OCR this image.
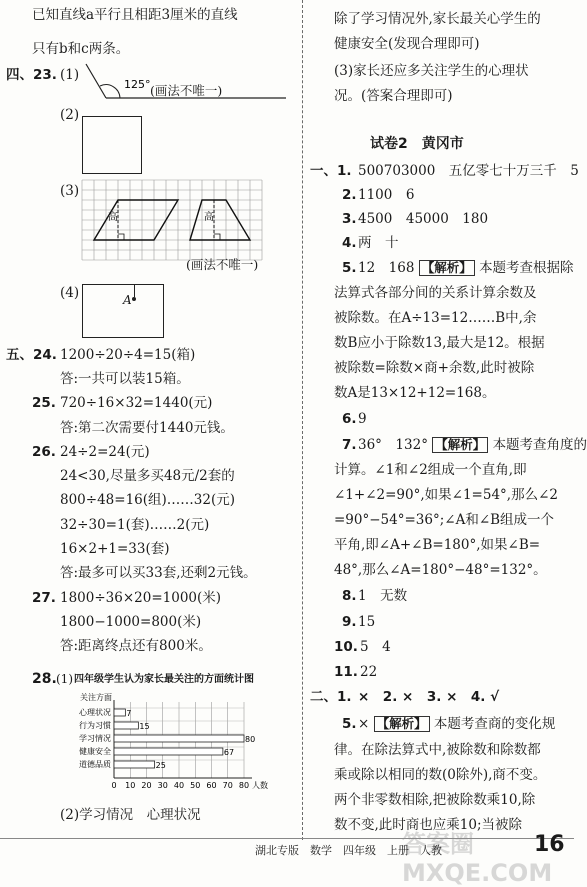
已知直线a平行且相距3厘米的直线
只有b和c两条。
四、23. (1)
125° (画法不唯一)
(2)
(3)
高	高
(画法不唯一)
(4)	A
五、24. 1200÷20÷4=15(箱)
答:一共可以装15箱。
25. 720÷16×32=1440(元)
答:第二次需要付1440元钱。
26. 24÷2=24(元)
24<30,尽量多买48元/2套的
800÷48=16(组)……32(元)
32÷30=1(套)……2(元)
16×2+1=33(套)
答:最多可以买33套,还剩2元钱。
27. 1800÷36×20=1000(米)
1800−1000=800(米)
答:距离终点还有800米。
28. (1) 四年级学生认为家长最关注的方面统计图
0 10 20 30 40 50 60 70 80
关注方面
人数
心理状况 7
行为习惯	15
学习情况	80
健康安全	67
道德品质	25
(2)学习情况　心理状况
除了学习情况外,家长最关心学生的
健康安全(发现合理即可)
(3)家长还应多关注学生的心理状
况。(答案合理即可)
试卷2　黄冈市
一、1. 500703000　五亿零七十万三千　5
2. 1100　6
3. 4500　45000　180
4. 两　十
5. 12　168 【解析】 本题考查根据除
法算式各部分间的关系计算余数及
被除数。在A÷13=12……B中,余
数B应小于除数13,最大是12。根据
被除数=除数×商+余数,此时被除
数A是13×12+12=168。
6. 9
7. 36°　132° 【解析】 本题考查角度的
计算。∠1和∠2组成一个直角,即
∠1+∠2=90°,如果∠1=54°,那么∠2
=90°−54°=36°;∠A和∠B组成一个
平角,即∠A+∠B=180°,如果∠B=
48°,那么∠A=180°−48°=132°。
8. 1　无数
9. 15
10. 5　4
11. 22
二、1. ×　2. ×　3. ×　4. √
5. × 【解析】 本题考查商的变化规
律。在除法算式中,被除数和除数都
乘或除以相同的数(0除外),商不变。
两个非零数相除,把被除数乘10,除
数不变,此时商也应乘10;当被除
答案圈 MXQE.COM
湖北专版　数学　四年级　上册　人教	16
